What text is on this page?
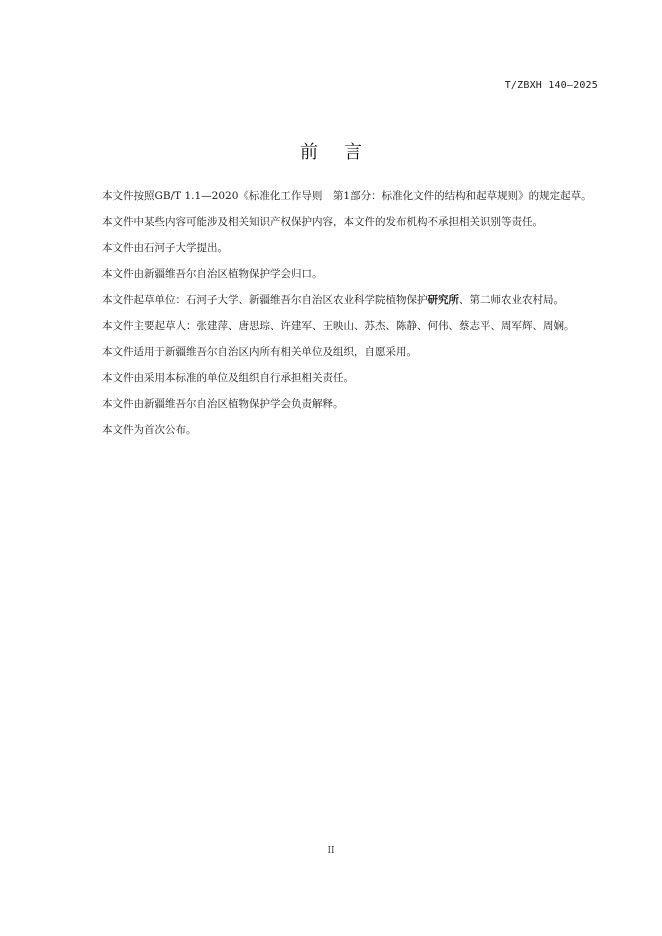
T/ZBXH 140—2025
前言

本文件按照GB/T 1.1—2020《标准化工作导则　第1部分：标准化文件的结构和起草规则》的规定起草。

本文件中某些内容可能涉及相关知识产权保护内容，本文件的发布机构不承担相关识别等责任。

本文件由石河子大学提出。

本文件由新疆维吾尔自治区植物保护学会归口。

本文件起草单位：石河子大学、新疆维吾尔自治区农业科学院植物保护研究所、第二师农业农村局。

本文件主要起草人：张建萍、唐思琮、许建军、王映山、苏杰、陈静、何伟、蔡志平、周军辉、周娴。

本文件适用于新疆维吾尔自治区内所有相关单位及组织，自愿采用。

本文件由采用本标准的单位及组织自行承担相关责任。

本文件由新疆维吾尔自治区植物保护学会负责解释。

本文件为首次公布。

II
